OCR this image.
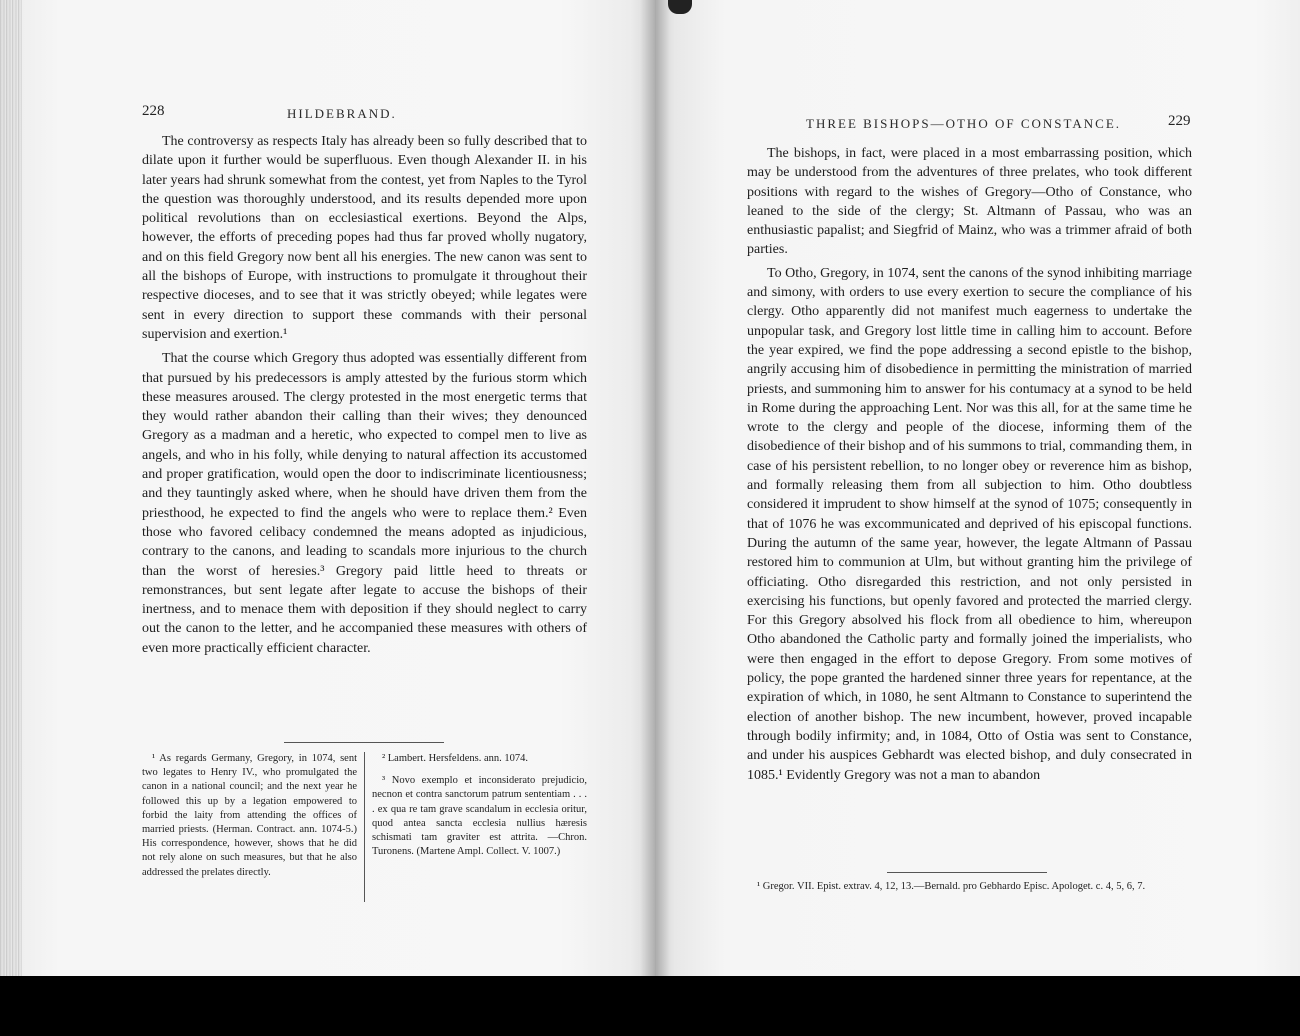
228	HILDEBRAND.

The controversy as respects Italy has already been so fully described that to dilate upon it further would be superfluous. Even though Alexander II. in his later years had shrunk somewhat from the contest, yet from Naples to the Tyrol the question was thoroughly understood, and its results depended more upon political revolutions than on ecclesiastical exertions. Beyond the Alps, however, the efforts of preceding popes had thus far proved wholly nugatory, and on this field Gregory now bent all his energies. The new canon was sent to all the bishops of Europe, with instructions to promulgate it throughout their respective dioceses, and to see that it was strictly obeyed; while legates were sent in every direction to support these commands with their personal supervision and exertion.¹

That the course which Gregory thus adopted was essentially different from that pursued by his predecessors is amply attested by the furious storm which these measures aroused. The clergy protested in the most energetic terms that they would rather abandon their calling than their wives; they denounced Gregory as a madman and a heretic, who expected to compel men to live as angels, and who in his folly, while denying to natural affection its accustomed and proper gratification, would open the door to indiscriminate licentiousness; and they tauntingly asked where, when he should have driven them from the priesthood, he expected to find the angels who were to replace them.² Even those who favored celibacy condemned the means adopted as injudicious, contrary to the canons, and leading to scandals more injurious to the church than the worst of heresies.³ Gregory paid little heed to threats or remonstrances, but sent legate after legate to accuse the bishops of their inertness, and to menace them with deposition if they should neglect to carry out the canon to the letter, and he accompanied these measures with others of even more practically efficient character.

¹ As regards Germany, Gregory, in 1074, sent two legates to Henry IV., who promulgated the canon in a national council; and the next year he followed this up by a legation empowered to forbid the laity from attending the offices of married priests. (Herman. Contract. ann. 1074-5.) His correspondence, however, shows that he did not rely alone on such measures, but that he also addressed the prelates directly.

² Lambert. Hersfeldens. ann. 1074.

³ Novo exemplo et inconsiderato prejudicio, necnon et contra sanctorum patrum sententiam . . . . ex qua re tam grave scandalum in ecclesia oritur, quod antea sancta ecclesia nullius hæresis schismati tam graviter est attrita. —Chron. Turonens. (Martene Ampl. Collect. V. 1007.)

THREE BISHOPS—OTHO OF CONSTANCE.	229

The bishops, in fact, were placed in a most embarrassing position, which may be understood from the adventures of three prelates, who took different positions with regard to the wishes of Gregory—Otho of Constance, who leaned to the side of the clergy; St. Altmann of Passau, who was an enthusiastic papalist; and Siegfrid of Mainz, who was a trimmer afraid of both parties.

To Otho, Gregory, in 1074, sent the canons of the synod inhibiting marriage and simony, with orders to use every exertion to secure the compliance of his clergy. Otho apparently did not manifest much eagerness to undertake the unpopular task, and Gregory lost little time in calling him to account. Before the year expired, we find the pope addressing a second epistle to the bishop, angrily accusing him of disobedience in permitting the ministration of married priests, and summoning him to answer for his contumacy at a synod to be held in Rome during the approaching Lent. Nor was this all, for at the same time he wrote to the clergy and people of the diocese, informing them of the disobedience of their bishop and of his summons to trial, commanding them, in case of his persistent rebellion, to no longer obey or reverence him as bishop, and formally releasing them from all subjection to him. Otho doubtless considered it imprudent to show himself at the synod of 1075; consequently in that of 1076 he was excommunicated and deprived of his episcopal functions. During the autumn of the same year, however, the legate Altmann of Passau restored him to communion at Ulm, but without granting him the privilege of officiating. Otho disregarded this restriction, and not only persisted in exercising his functions, but openly favored and protected the married clergy. For this Gregory absolved his flock from all obedience to him, whereupon Otho abandoned the Catholic party and formally joined the imperialists, who were then engaged in the effort to depose Gregory. From some motives of policy, the pope granted the hardened sinner three years for repentance, at the expiration of which, in 1080, he sent Altmann to Constance to superintend the election of another bishop. The new incumbent, however, proved incapable through bodily infirmity; and, in 1084, Otto of Ostia was sent to Constance, and under his auspices Gebhardt was elected bishop, and duly consecrated in 1085.¹ Evidently Gregory was not a man to abandon

¹ Gregor. VII. Epist. extrav. 4, 12, 13.—Bernald. pro Gebhardo Episc. Apologet. c. 4, 5, 6, 7.
